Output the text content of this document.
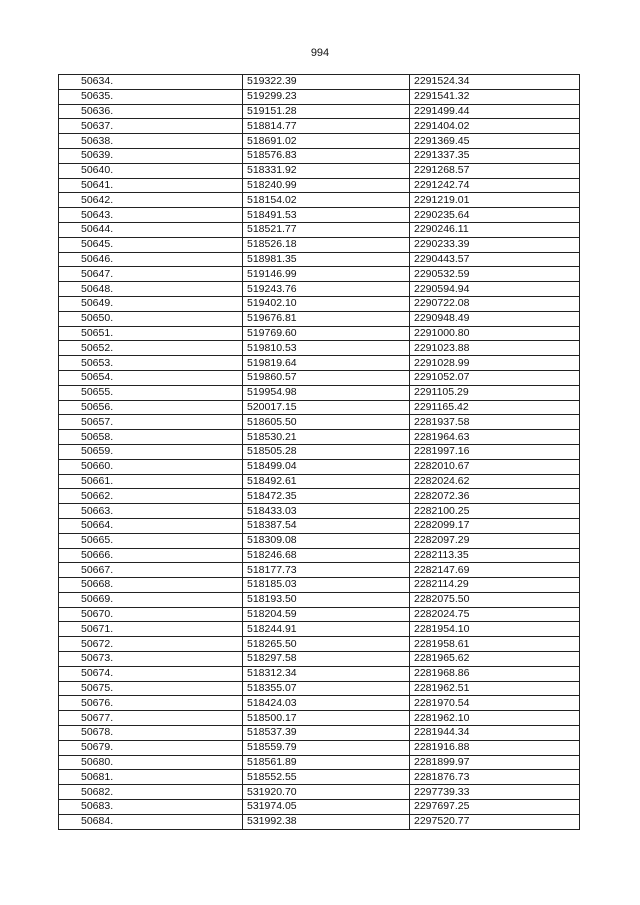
994
50634.	519322.39	2291524.34
50635.	519299.23	2291541.32
50636.	519151.28	2291499.44
50637.	518814.77	2291404.02
50638.	518691.02	2291369.45
50639.	518576.83	2291337.35
50640.	518331.92	2291268.57
50641.	518240.99	2291242.74
50642.	518154.02	2291219.01
50643.	518491.53	2290235.64
50644.	518521.77	2290246.11
50645.	518526.18	2290233.39
50646.	518981.35	2290443.57
50647.	519146.99	2290532.59
50648.	519243.76	2290594.94
50649.	519402.10	2290722.08
50650.	519676.81	2290948.49
50651.	519769.60	2291000.80
50652.	519810.53	2291023.88
50653.	519819.64	2291028.99
50654.	519860.57	2291052.07
50655.	519954.98	2291105.29
50656.	520017.15	2291165.42
50657.	518605.50	2281937.58
50658.	518530.21	2281964.63
50659.	518505.28	2281997.16
50660.	518499.04	2282010.67
50661.	518492.61	2282024.62
50662.	518472.35	2282072.36
50663.	518433.03	2282100.25
50664.	518387.54	2282099.17
50665.	518309.08	2282097.29
50666.	518246.68	2282113.35
50667.	518177.73	2282147.69
50668.	518185.03	2282114.29
50669.	518193.50	2282075.50
50670.	518204.59	2282024.75
50671.	518244.91	2281954.10
50672.	518265.50	2281958.61
50673.	518297.58	2281965.62
50674.	518312.34	2281968.86
50675.	518355.07	2281962.51
50676.	518424.03	2281970.54
50677.	518500.17	2281962.10
50678.	518537.39	2281944.34
50679.	518559.79	2281916.88
50680.	518561.89	2281899.97
50681.	518552.55	2281876.73
50682.	531920.70	2297739.33
50683.	531974.05	2297697.25
50684.	531992.38	2297520.77
